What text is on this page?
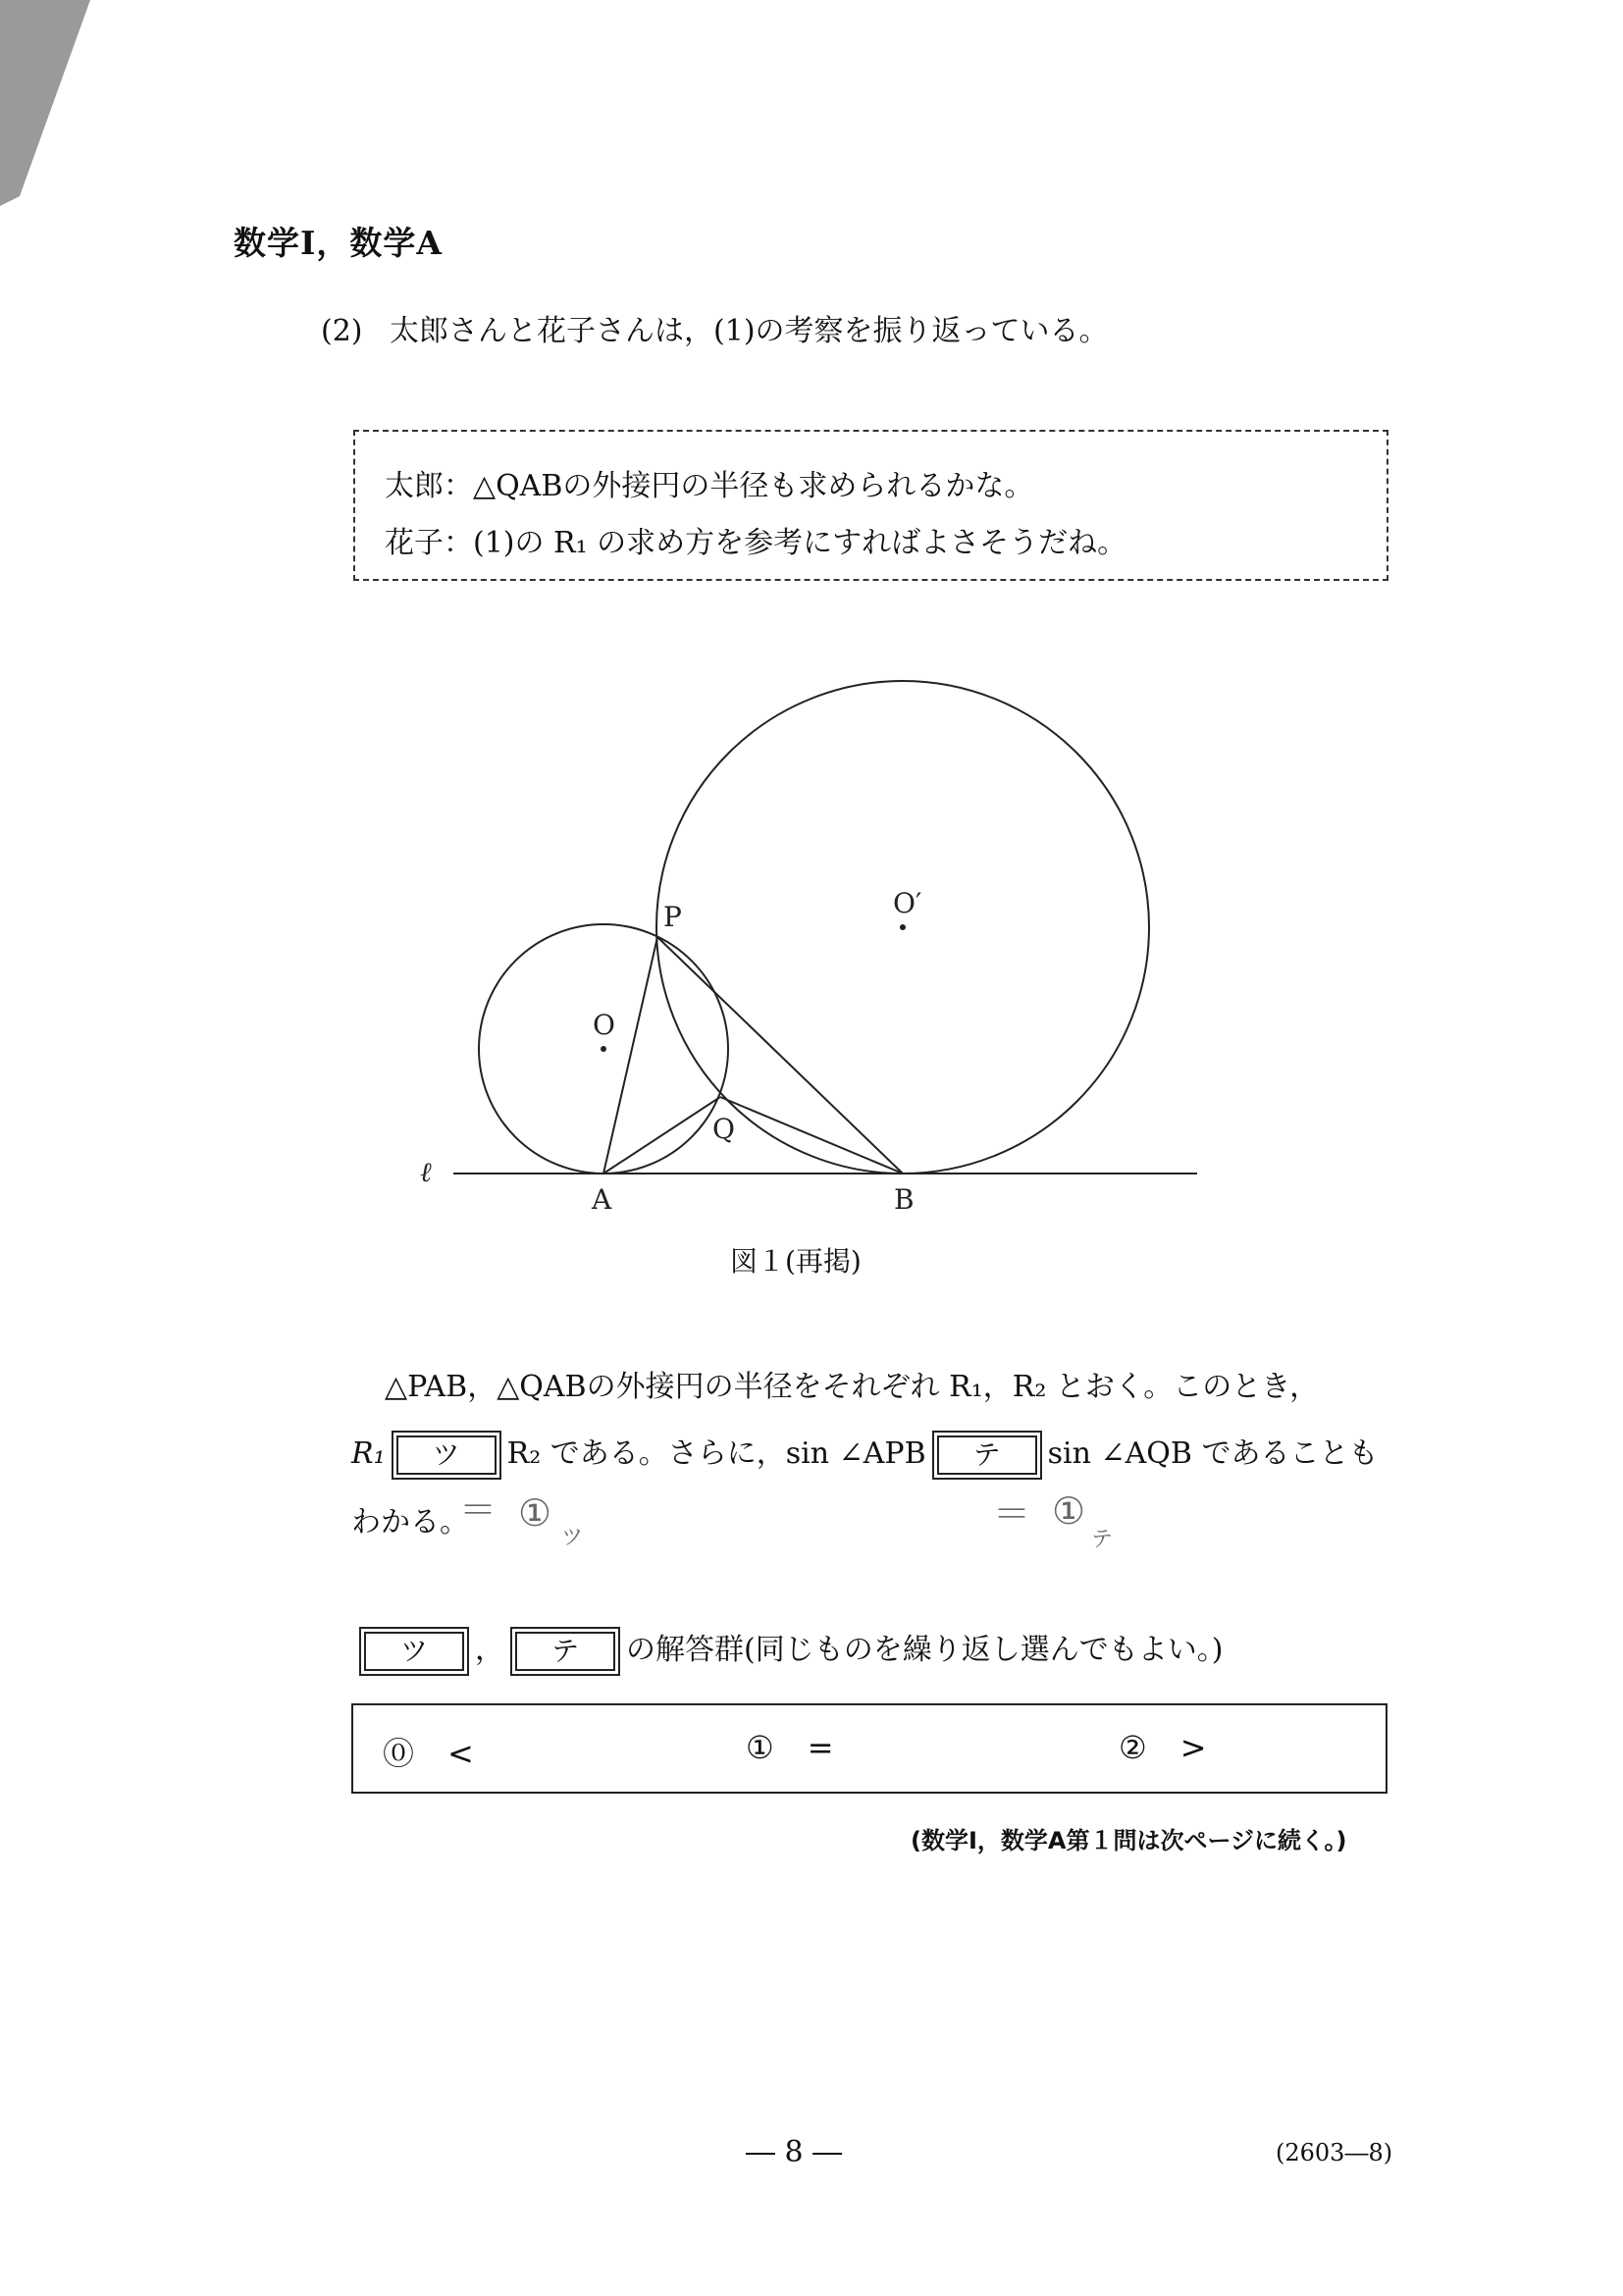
数学Ⅰ，数学A
(2) 太郎さんと花子さんは，(1)の考察を振り返っている。
太郎：△QABの外接円の半径も求められるかな。
花子：(1)の R₁ の求め方を参考にすればよさそうだね。
P
O
O′
Q
A	B
ℓ
図１(再掲)
△PAB，△QABの外接円の半径をそれぞれ R₁，R₂ とおく。このとき，
R₁ ツ R₂ である。さらに，sin ∠APB テ sin ∠AQB であることも
わかる。
＝ ①
ツ
＝ ①
テ
ツ ， テ の解答群(同じものを繰り返し選んでもよい。)
⓪ <	① =	② >
(数学Ⅰ，数学A第１問は次ページに続く。)
― 8 ―	(2603―8)
